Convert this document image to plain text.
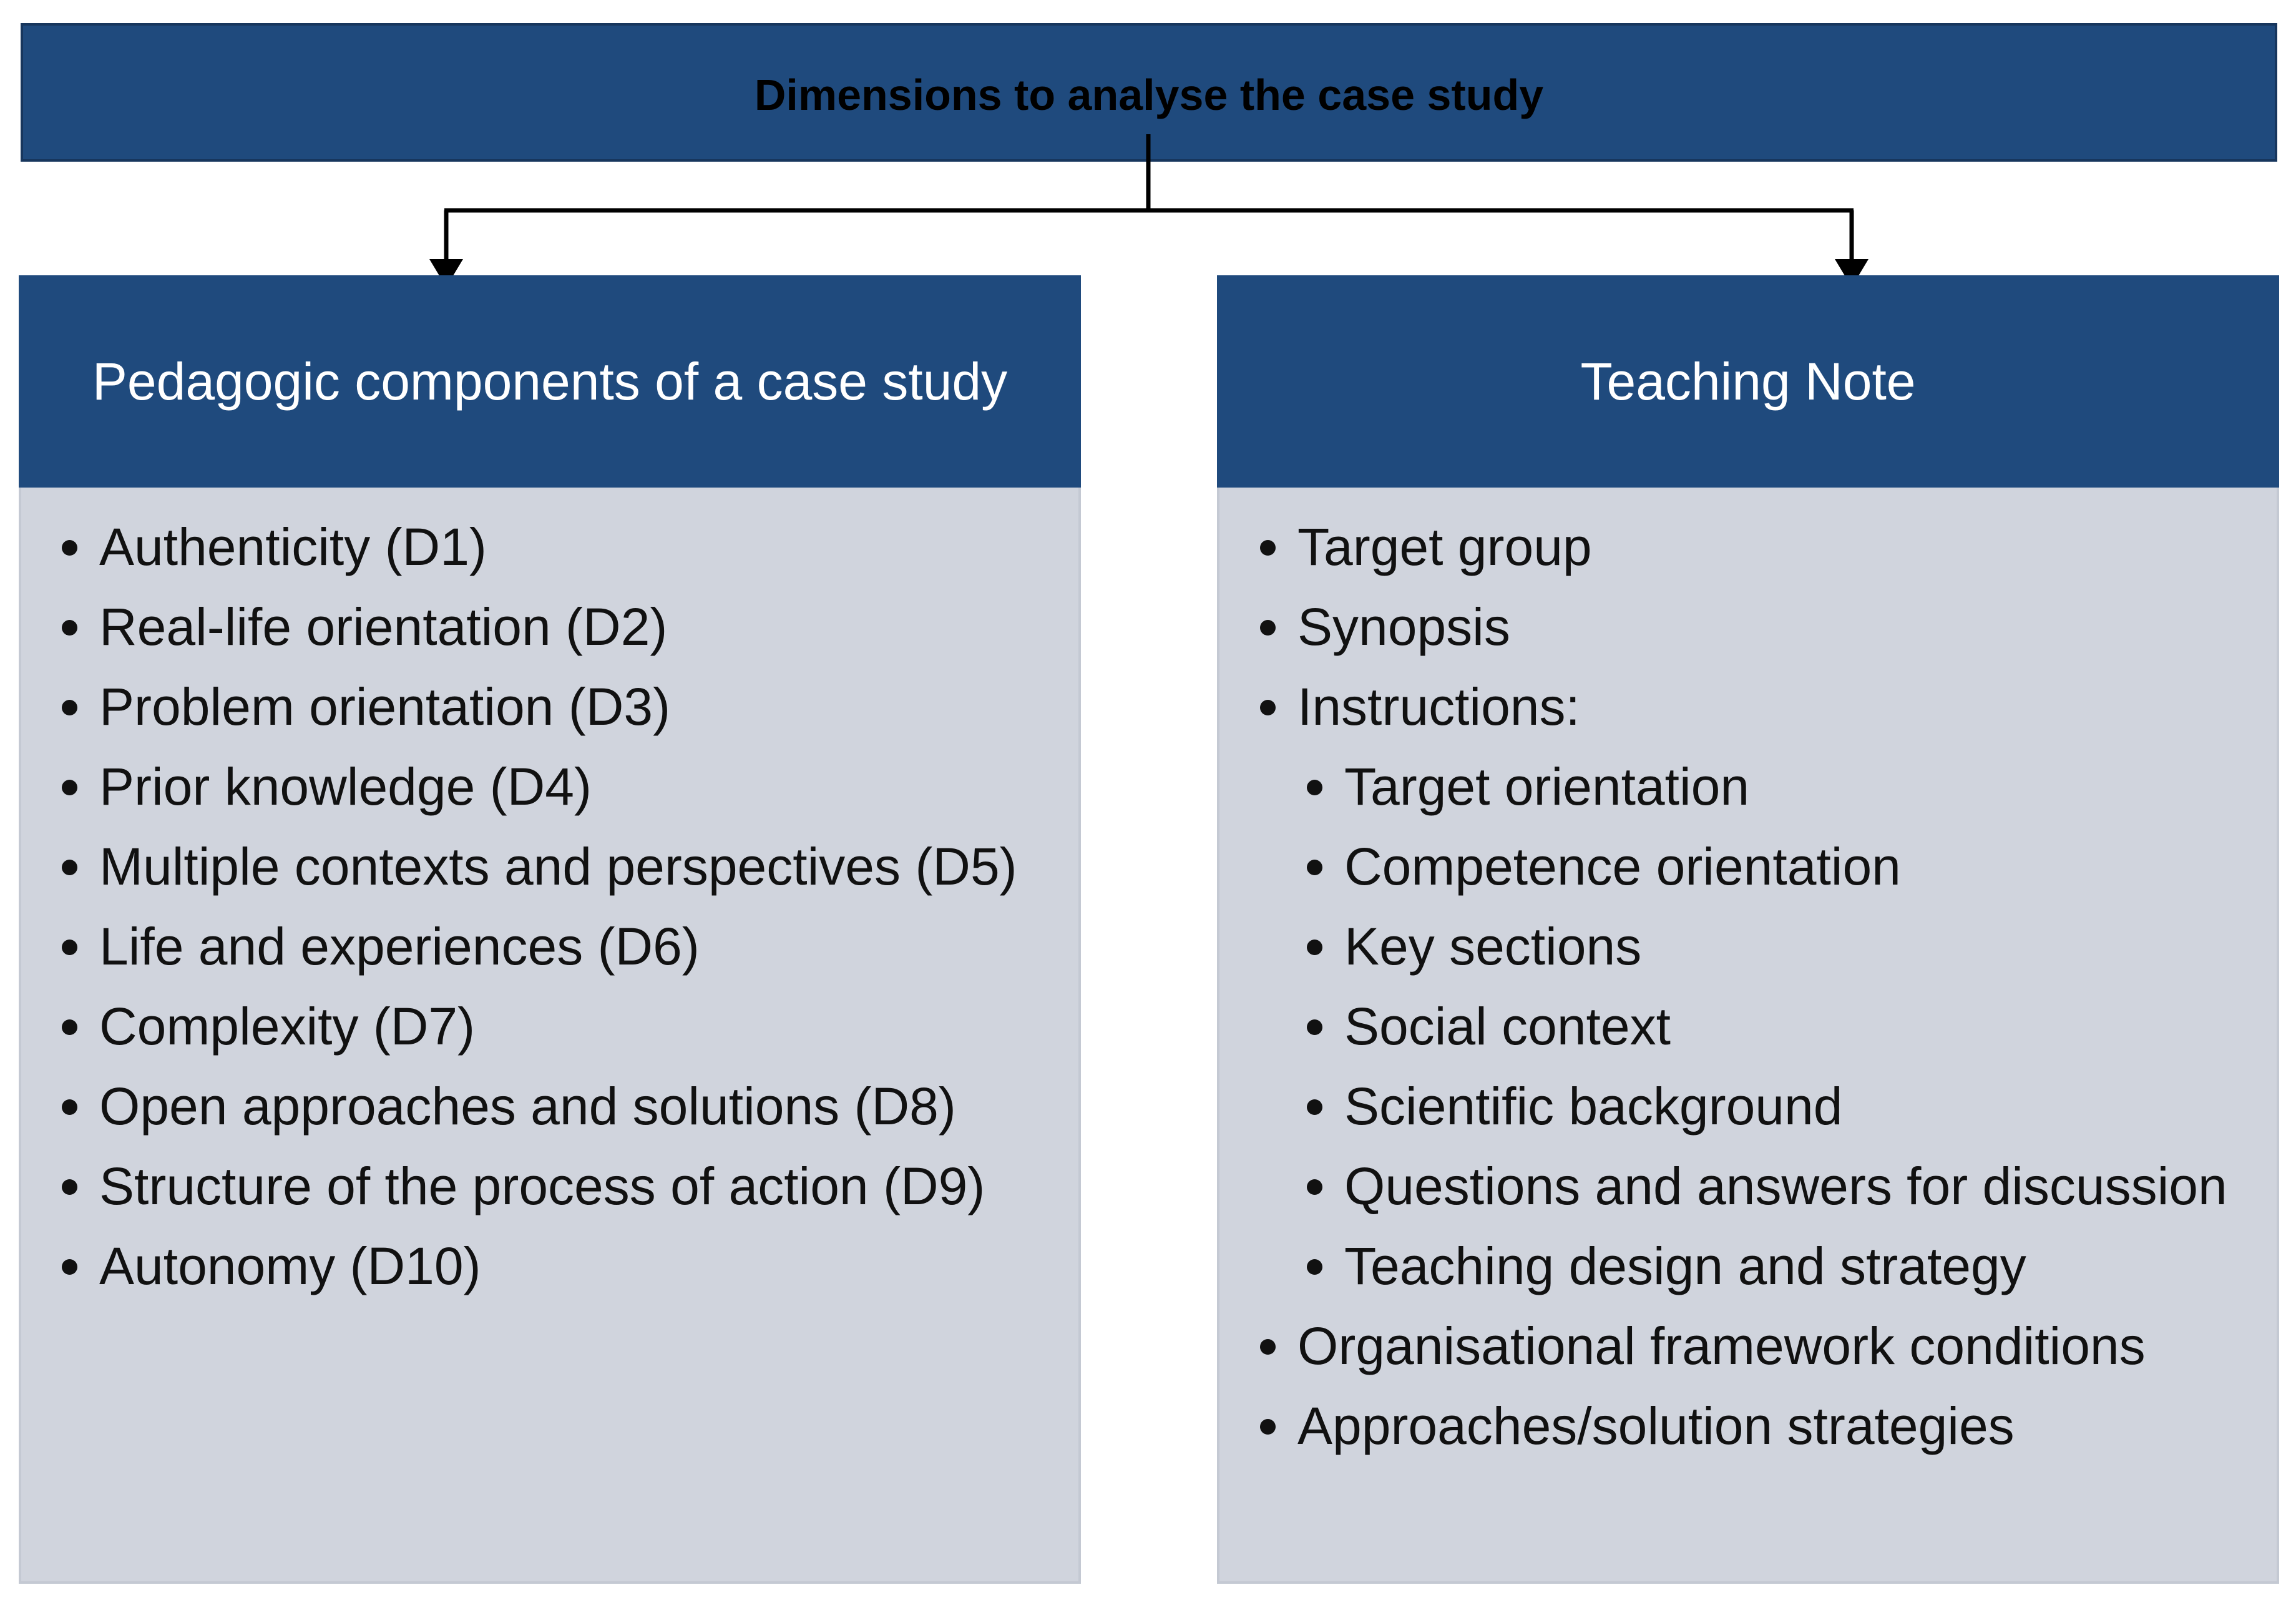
Dimensions to analyse the case study
Pedagogic components of a case study
Authenticity (D1)
Real-life orientation (D2)
Problem orientation (D3)
Prior knowledge (D4)
Multiple contexts and perspectives (D5)
Life and experiences (D6)
Complexity (D7)
Open approaches and solutions (D8)
Structure of the process of action (D9)
Autonomy (D10)
Teaching Note
Target group
Synopsis
Instructions:
Target orientation
Competence orientation
Key sections
Social context
Scientific background
Questions and answers for discussion
Teaching design and strategy
Organisational framework conditions
Approaches/solution strategies
